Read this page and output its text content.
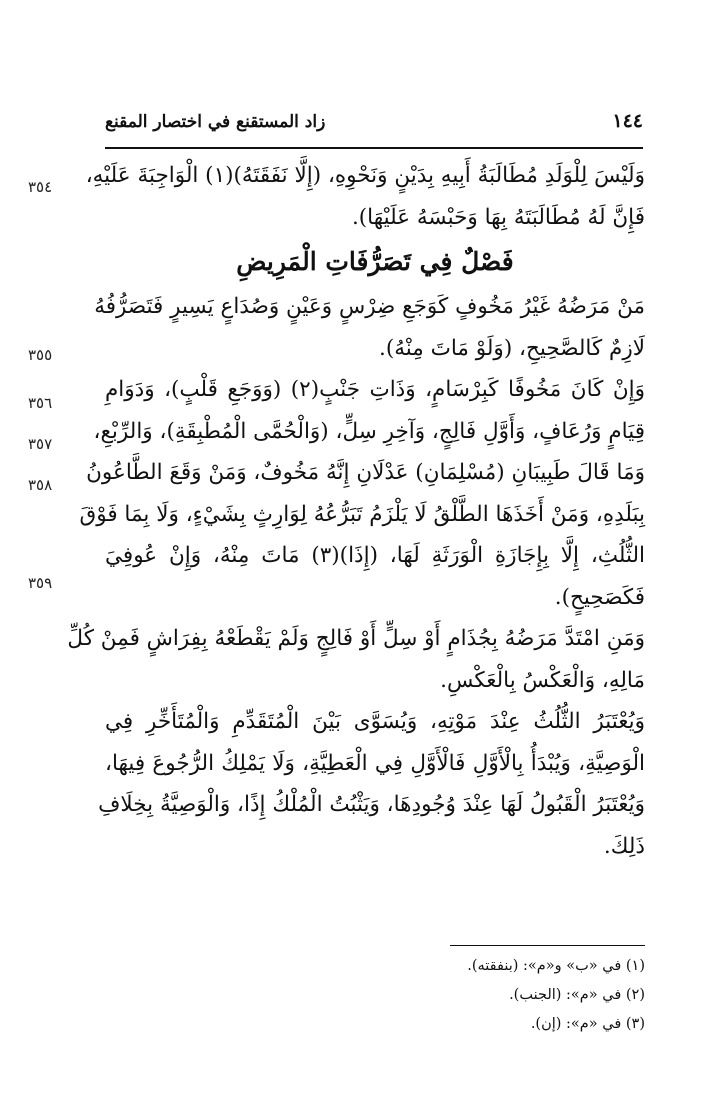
زاد المستقنع في اختصار المقنع	١٤٤
٣٥٤
٣٥٥
٣٥٦
٣٥٧
٣٥٨
٣٥٩
وَلَيْسَ لِلْوَلَدِ مُطَالَبَةُ أَبِيهِ بِدَيْنٍ وَنَحْوِهِ، (إِلَّا نَفَقَتَهُ)(١) الْوَاجِبَةَ عَلَيْهِ،
فَإِنَّ لَهُ مُطَالَبَتَهُ بِهَا وَحَبْسَهُ عَلَيْهَا).
فَصْلٌ فِي تَصَرُّفَاتِ الْمَرِيضِ
مَنْ مَرَضُهُ غَيْرُ مَخُوفٍ كَوَجَعِ ضِرْسٍ وَعَيْنٍ وَصُدَاعٍ يَسِيرٍ فَتَصَرُّفُهُ
لَازِمٌ كَالصَّحِيحِ، (وَلَوْ مَاتَ مِنْهُ).
وَإِنْ كَانَ مَخُوفًا كَبِرْسَامٍ، وَذَاتِ جَنْبٍ(٢) (وَوَجَعِ قَلْبٍ)، وَدَوَامِ
قِيَامٍ وَرُعَافٍ، وَأَوَّلِ فَالِجٍ، وَآخِرِ سِلٍّ، (وَالْحُمَّى الْمُطْبِقَةِ)، وَالرِّبْعِ،
وَمَا قَالَ طَبِيبَانِ (مُسْلِمَانِ) عَدْلَانِ إِنَّهُ مَخُوفٌ، وَمَنْ وَقَعَ الطَّاعُونُ
بِبَلَدِهِ، وَمَنْ أَخَذَهَا الطَّلْقُ لَا يَلْزَمُ تَبَرُّعُهُ لِوَارِثٍ بِشَيْءٍ، وَلَا بِمَا فَوْقَ
الثُّلُثِ، إِلَّا بِإِجَازَةِ الْوَرَثَةِ لَهَا، (إِذَا)(٣) مَاتَ مِنْهُ، وَإِنْ عُوفِيَ
فَكَصَحِيحٍ).
وَمَنِ امْتَدَّ مَرَضُهُ بِجُذَامٍ أَوْ سِلٍّ أَوْ فَالِجٍ وَلَمْ يَقْطَعْهُ بِفِرَاشٍ فَمِنْ كُلِّ
مَالِهِ، وَالْعَكْسُ بِالْعَكْسِ.
وَيُعْتَبَرُ الثُّلُثُ عِنْدَ مَوْتِهِ، وَيُسَوَّى بَيْنَ الْمُتَقَدِّمِ وَالْمُتَأَخِّرِ فِي
الْوَصِيَّةِ، وَيُبْدَأُ بِالْأَوَّلِ فَالْأَوَّلِ فِي الْعَطِيَّةِ، وَلَا يَمْلِكُ الرُّجُوعَ فِيهَا،
وَيُعْتَبَرُ الْقَبُولُ لَهَا عِنْدَ وُجُودِهَا، وَيَثْبُتُ الْمُلْكُ إِذًا، وَالْوَصِيَّةُ بِخِلَافِ
ذَلِكَ.
(١) في «ب» و«م»: (بنفقته).
(٢) في «م»: (الجنب).
(٣) في «م»: (إن).
